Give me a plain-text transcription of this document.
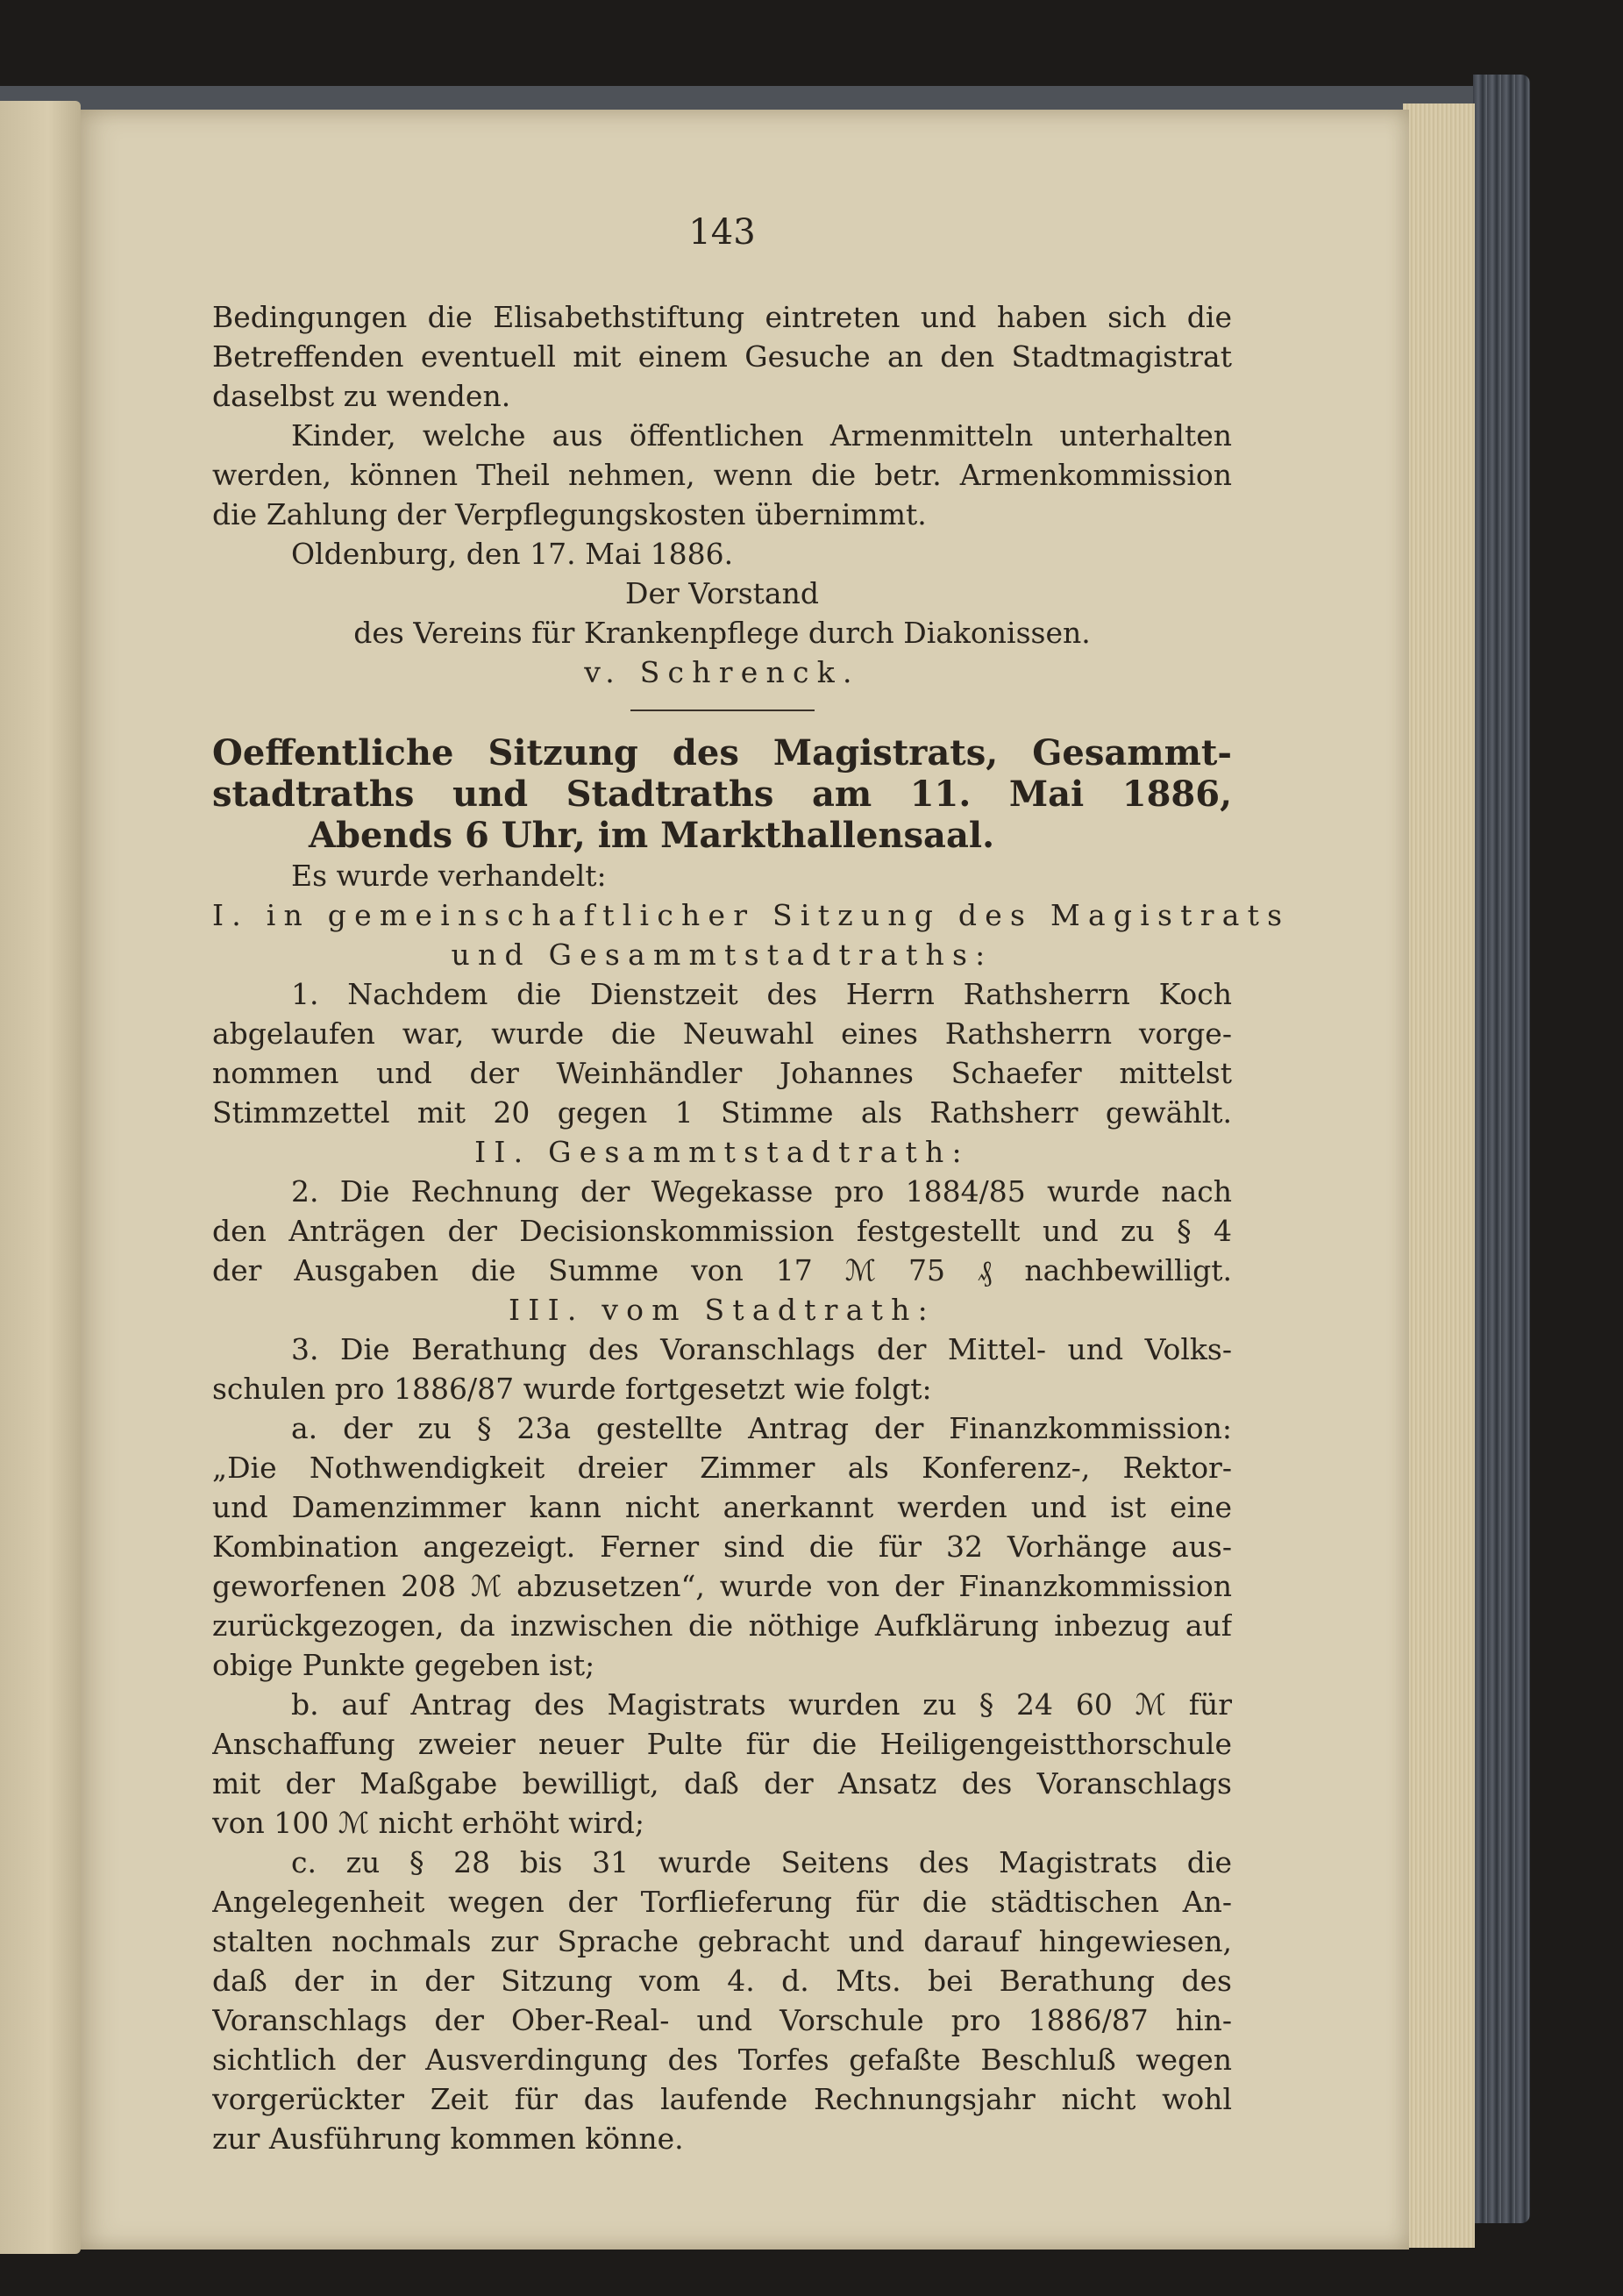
143

Bedingungen die Elisabethstiftung eintreten und haben sich die

Betreffenden eventuell mit einem Gesuche an den Stadtmagistrat

daselbst zu wenden.

Kinder, welche aus öffentlichen Armenmitteln unterhalten

werden, können Theil nehmen, wenn die betr. Armenkommission

die Zahlung der Verpflegungskosten übernimmt.

Oldenburg, den 17. Mai 1886.

Der Vorstand

des Vereins für Krankenpflege durch Diakonissen.

v. Schrenck.

Oeffentliche Sitzung des Magistrats, Gesammt-

stadtraths und Stadtraths am 11. Mai 1886,

Abends 6 Uhr, im Markthallensaal.

Es wurde verhandelt:

I. in gemeinschaftlicher Sitzung des Magistrats

und Gesammtstadtraths:

1. Nachdem die Dienstzeit des Herrn Rathsherrn Koch

abgelaufen war, wurde die Neuwahl eines Rathsherrn vorge-

nommen und der Weinhändler Johannes Schaefer mittelst

Stimmzettel mit 20 gegen 1 Stimme als Rathsherr gewählt.

II. Gesammtstadtrath:

2. Die Rechnung der Wegekasse pro 1884/85 wurde nach

den Anträgen der Decisionskommission festgestellt und zu § 4

der Ausgaben die Summe von 17 ℳ 75 ₰ nachbewilligt.

III. vom Stadtrath:

3. Die Berathung des Voranschlags der Mittel- und Volks-

schulen pro 1886/87 wurde fortgesetzt wie folgt:

a. der zu § 23a gestellte Antrag der Finanzkommission:

„Die Nothwendigkeit dreier Zimmer als Konferenz-, Rektor-

und Damenzimmer kann nicht anerkannt werden und ist eine

Kombination angezeigt. Ferner sind die für 32 Vorhänge aus-

geworfenen 208 ℳ abzusetzen“, wurde von der Finanzkommission

zurückgezogen, da inzwischen die nöthige Aufklärung inbezug auf

obige Punkte gegeben ist;

b. auf Antrag des Magistrats wurden zu § 24 60 ℳ für

Anschaffung zweier neuer Pulte für die Heiligengeistthorschule

mit der Maßgabe bewilligt, daß der Ansatz des Voranschlags

von 100 ℳ nicht erhöht wird;

c. zu § 28 bis 31 wurde Seitens des Magistrats die

Angelegenheit wegen der Torflieferung für die städtischen An-

stalten nochmals zur Sprache gebracht und darauf hingewiesen,

daß der in der Sitzung vom 4. d. Mts. bei Berathung des

Voranschlags der Ober-Real- und Vorschule pro 1886/87 hin-

sichtlich der Ausverdingung des Torfes gefaßte Beschluß wegen

vorgerückter Zeit für das laufende Rechnungsjahr nicht wohl

zur Ausführung kommen könne.
